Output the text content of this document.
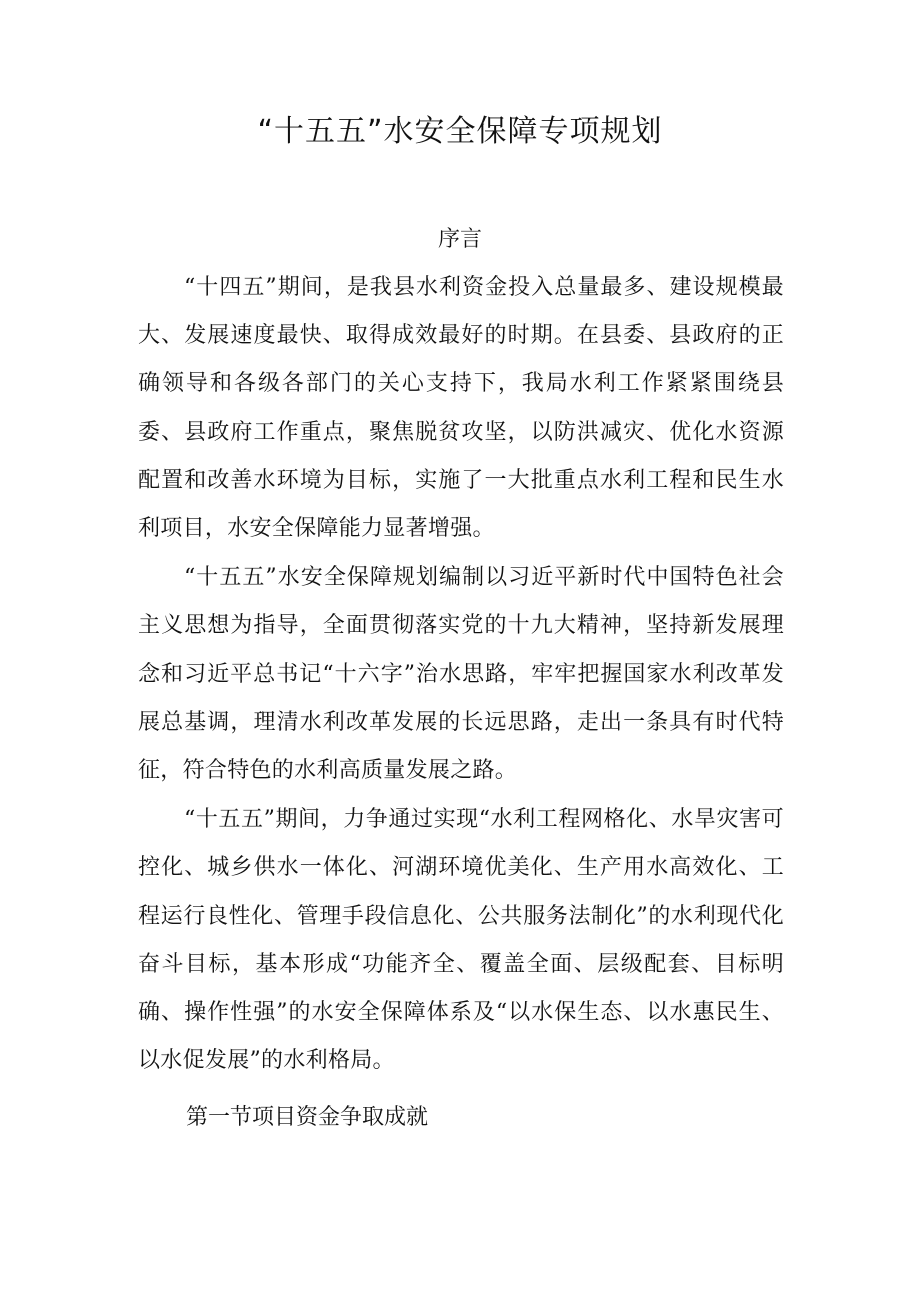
“十五五”水安全保障专项规划
序言

“十四五”期间，是我县水利资金投入总量最多、建设规模最大、发展速度最快、取得成效最好的时期。在县委、县政府的正确领导和各级各部门的关心支持下，我局水利工作紧紧围绕县委、县政府工作重点，聚焦脱贫攻坚，以防洪减灾、优化水资源配置和改善水环境为目标，实施了一大批重点水利工程和民生水利项目，水安全保障能力显著增强。

“十五五”水安全保障规划编制以习近平新时代中国特色社会主义思想为指导，全面贯彻落实党的十九大精神，坚持新发展理念和习近平总书记“十六字”治水思路，牢牢把握国家水利改革发展总基调，理清水利改革发展的长远思路，走出一条具有时代特征，符合特色的水利高质量发展之路。

“十五五”期间，力争通过实现“水利工程网格化、水旱灾害可控化、城乡供水一体化、河湖环境优美化、生产用水高效化、工程运行良性化、管理手段信息化、公共服务法制化”的水利现代化奋斗目标，基本形成“功能齐全、覆盖全面、层级配套、目标明确、操作性强”的水安全保障体系及“以水保生态、以水惠民生、以水促发展”的水利格局。

第一节项目资金争取成就
